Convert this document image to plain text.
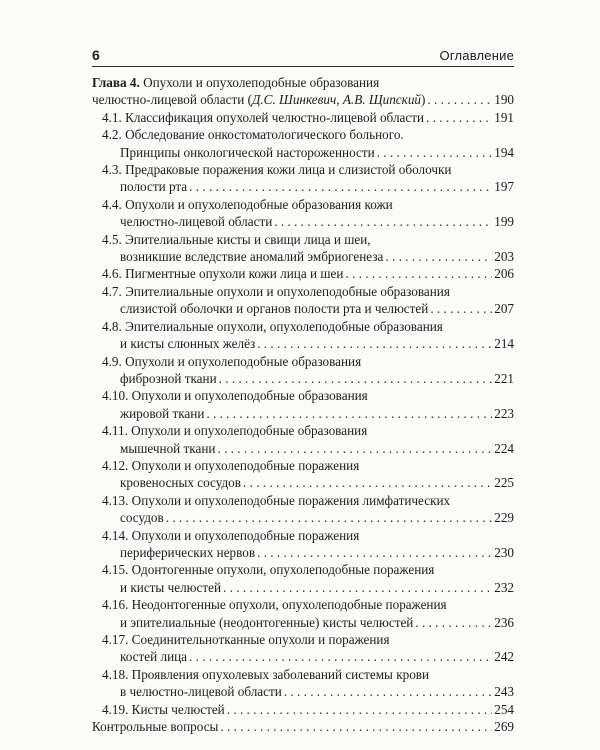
6	Оглавление
Глава 4. Опухоли и опухолеподобные образования
челюстно-лицевой области (Д.С. Шинкевич, А.В. Щипский) . . .	190
4.1. Классификация опухолей челюстно-лицевой области . . .	191
4.2. Обследование онкостоматологического больного.
Принципы онкологической настороженности . . .	194
4.3. Предраковые поражения кожи лица и слизистой оболочки
полости рта . . .	197
4.4. Опухоли и опухолеподобные образования кожи
челюстно-лицевой области . . .	199
4.5. Эпителиальные кисты и свищи лица и шеи,
возникшие вследствие аномалий эмбриогенеза . . .	203
4.6. Пигментные опухоли кожи лица и шеи . . .	206
4.7. Эпителиальные опухоли и опухолеподобные образования
слизистой оболочки и органов полости рта и челюстей . . .	207
4.8. Эпителиальные опухоли, опухолеподобные образования
и кисты слюнных желёз . . .	214
4.9. Опухоли и опухолеподобные образования
фиброзной ткани . . .	221
4.10. Опухоли и опухолеподобные образования
жировой ткани . . .	223
4.11. Опухоли и опухолеподобные образования
мышечной ткани . . .	224
4.12. Опухоли и опухолеподобные поражения
кровеносных сосудов . . .	225
4.13. Опухоли и опухолеподобные поражения лимфатических
сосудов . . .	229
4.14. Опухоли и опухолеподобные поражения
периферических нервов . . .	230
4.15. Одонтогенные опухоли, опухолеподобные поражения
и кисты челюстей . . .	232
4.16. Неодонтогенные опухоли, опухолеподобные поражения
и эпителиальные (неодонтогенные) кисты челюстей . . .	236
4.17. Соединительнотканные опухоли и поражения
костей лица . . .	242
4.18. Проявления опухолевых заболеваний системы крови
в челюстно-лицевой области . . .	243
4.19. Кисты челюстей . . .	254
Контрольные вопросы . . .	269
